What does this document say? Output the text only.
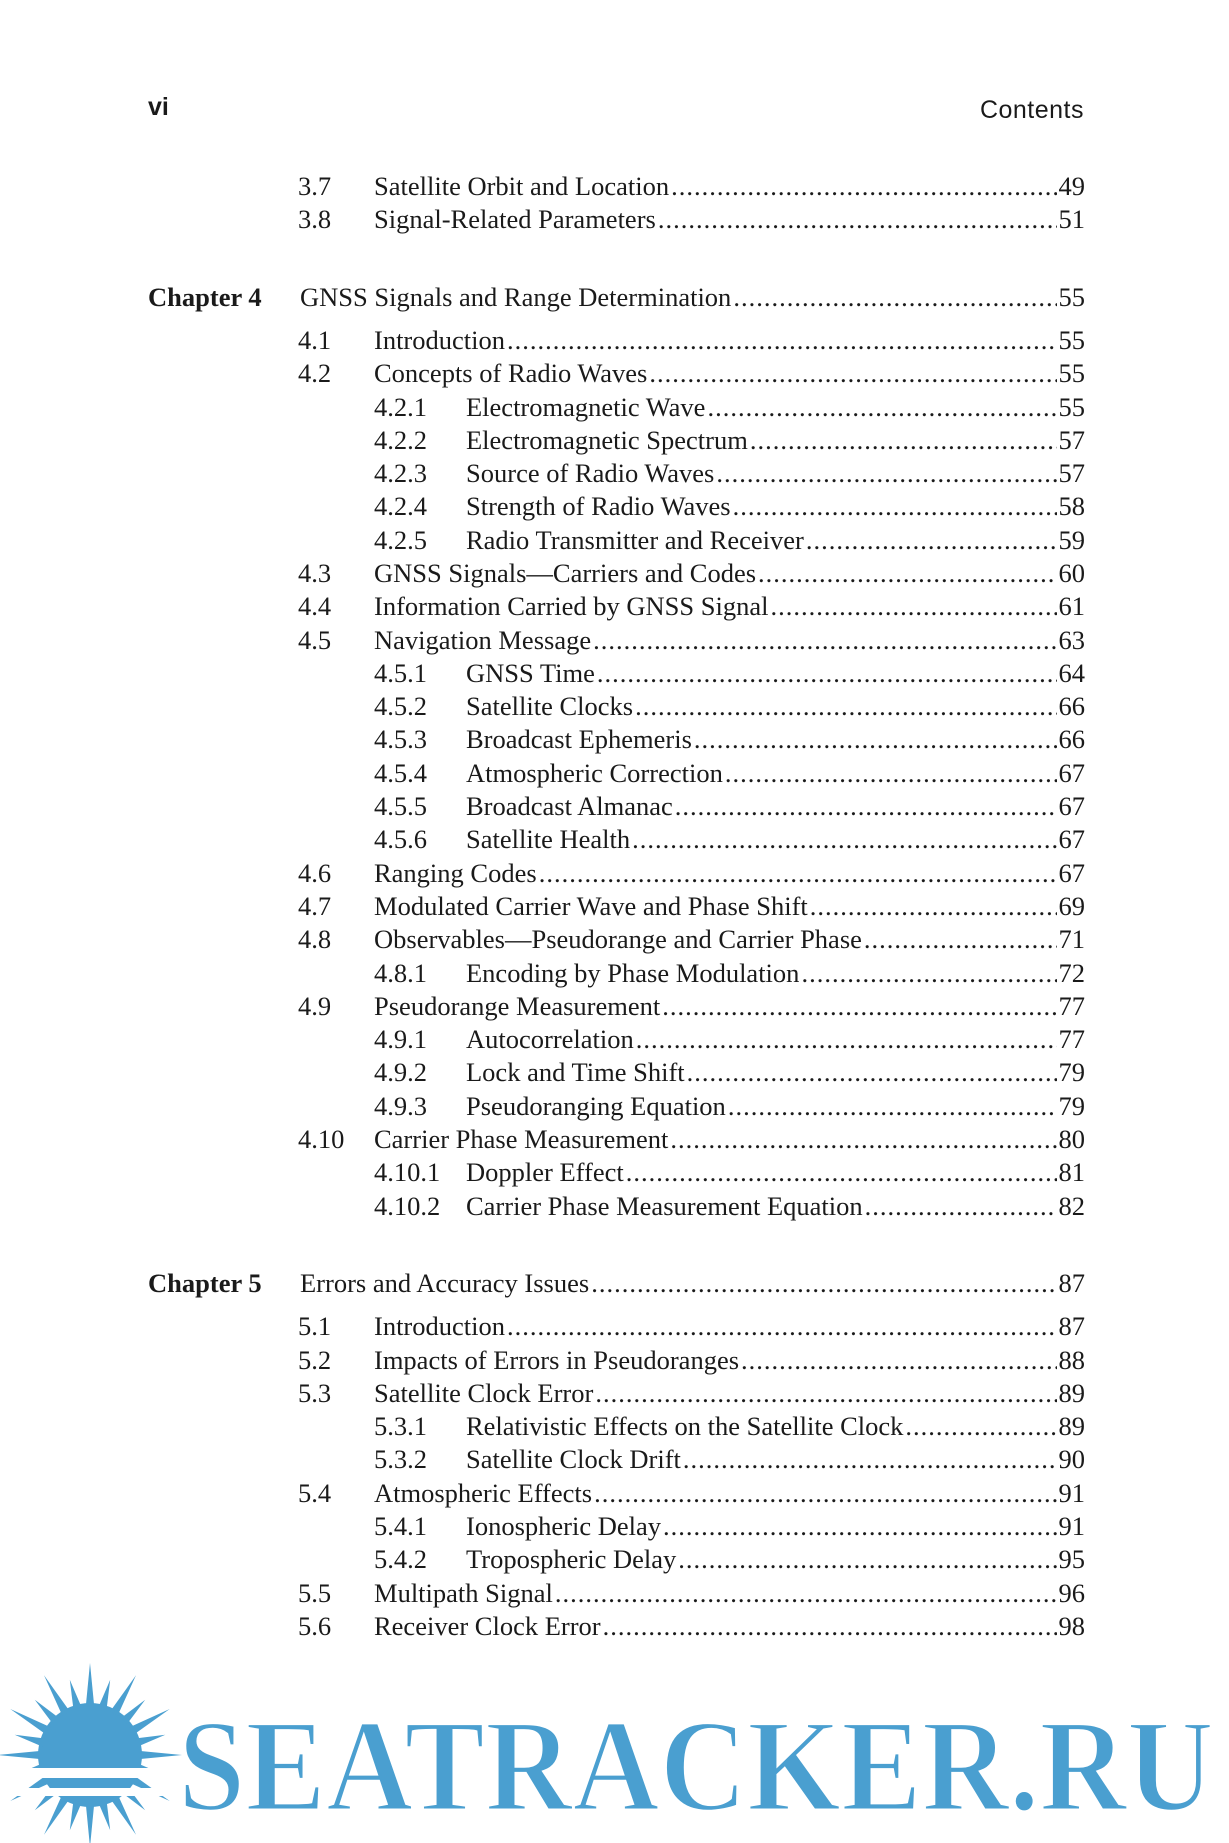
vi	Contents
3.7	Satellite Orbit and Location .....	49
3.8	Signal-Related Parameters .....	51
Chapter 4	GNSS Signals and Range Determination .....	55
4.1	Introduction .....	55
4.2	Concepts of Radio Waves .....	55
4.2.1	Electromagnetic Wave .....	55
4.2.2	Electromagnetic Spectrum .....	57
4.2.3	Source of Radio Waves .....	57
4.2.4	Strength of Radio Waves .....	58
4.2.5	Radio Transmitter and Receiver .....	59
4.3	GNSS Signals—Carriers and Codes .....	60
4.4	Information Carried by GNSS Signal .....	61
4.5	Navigation Message .....	63
4.5.1	GNSS Time .....	64
4.5.2	Satellite Clocks .....	66
4.5.3	Broadcast Ephemeris .....	66
4.5.4	Atmospheric Correction .....	67
4.5.5	Broadcast Almanac .....	67
4.5.6	Satellite Health .....	67
4.6	Ranging Codes .....	67
4.7	Modulated Carrier Wave and Phase Shift .....	69
4.8	Observables—Pseudorange and Carrier Phase .....	71
4.8.1	Encoding by Phase Modulation .....	72
4.9	Pseudorange Measurement .....	77
4.9.1	Autocorrelation .....	77
4.9.2	Lock and Time Shift .....	79
4.9.3	Pseudoranging Equation .....	79
4.10	Carrier Phase Measurement .....	80
4.10.1 Doppler Effect .....	81
4.10.2 Carrier Phase Measurement Equation .....	82
Chapter 5	Errors and Accuracy Issues .....	87
5.1	Introduction .....	87
5.2	Impacts of Errors in Pseudoranges .....	88
5.3	Satellite Clock Error .....	89
5.3.1	Relativistic Effects on the Satellite Clock .....	89
5.3.2	Satellite Clock Drift .....	90
5.4	Atmospheric Effects .....	91
5.4.1	Ionospheric Delay .....	91
5.4.2	Tropospheric Delay .....	95
5.5	Multipath Signal .....	96
5.6	Receiver Clock Error .....	98
SEATRACKER.RU
